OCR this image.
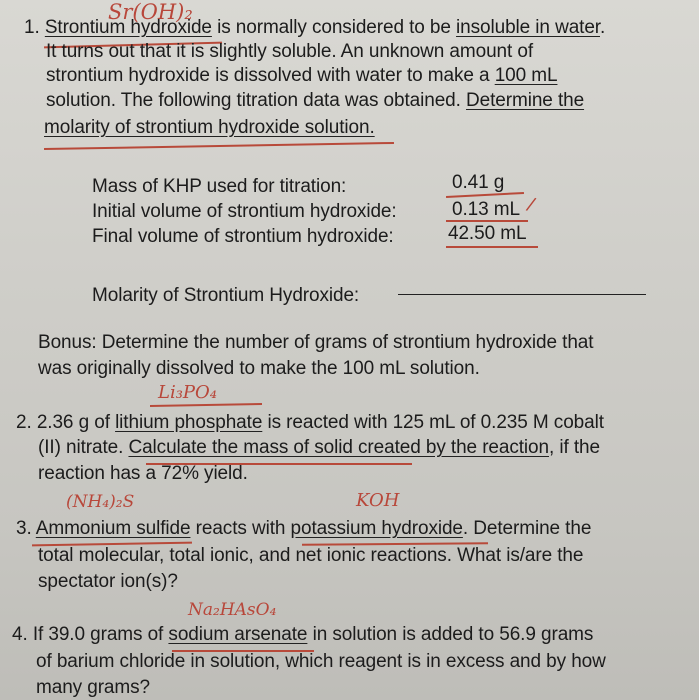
Sr(OH)₂
1. Strontium hydroxide is normally considered to be insoluble in water.
It turns out that it is slightly soluble. An unknown amount of
strontium hydroxide is dissolved with water to make a 100 mL
solution. The following titration data was obtained. Determine the
molarity of strontium hydroxide solution.
Mass of KHP used for titration:	0.41 g
Initial volume of strontium hydroxide:	0.13 mL /
Final volume of strontium hydroxide:	42.50 mL
Molarity of Strontium Hydroxide:
Bonus: Determine the number of grams of strontium hydroxide that
was originally dissolved to make the 100 mL solution.
Li₃PO₄
2. 2.36 g of lithium phosphate is reacted with 125 mL of 0.235 M cobalt
(II) nitrate. Calculate the mass of solid created by the reaction, if the
reaction has a 72% yield.
(NH₄)₂S	KOH
3. Ammonium sulfide reacts with potassium hydroxide. Determine the
total molecular, total ionic, and net ionic reactions. What is/are the
spectator ion(s)?
Na₂HAsO₄
4. If 39.0 grams of sodium arsenate in solution is added to 56.9 grams
of barium chloride in solution, which reagent is in excess and by how
many grams?
